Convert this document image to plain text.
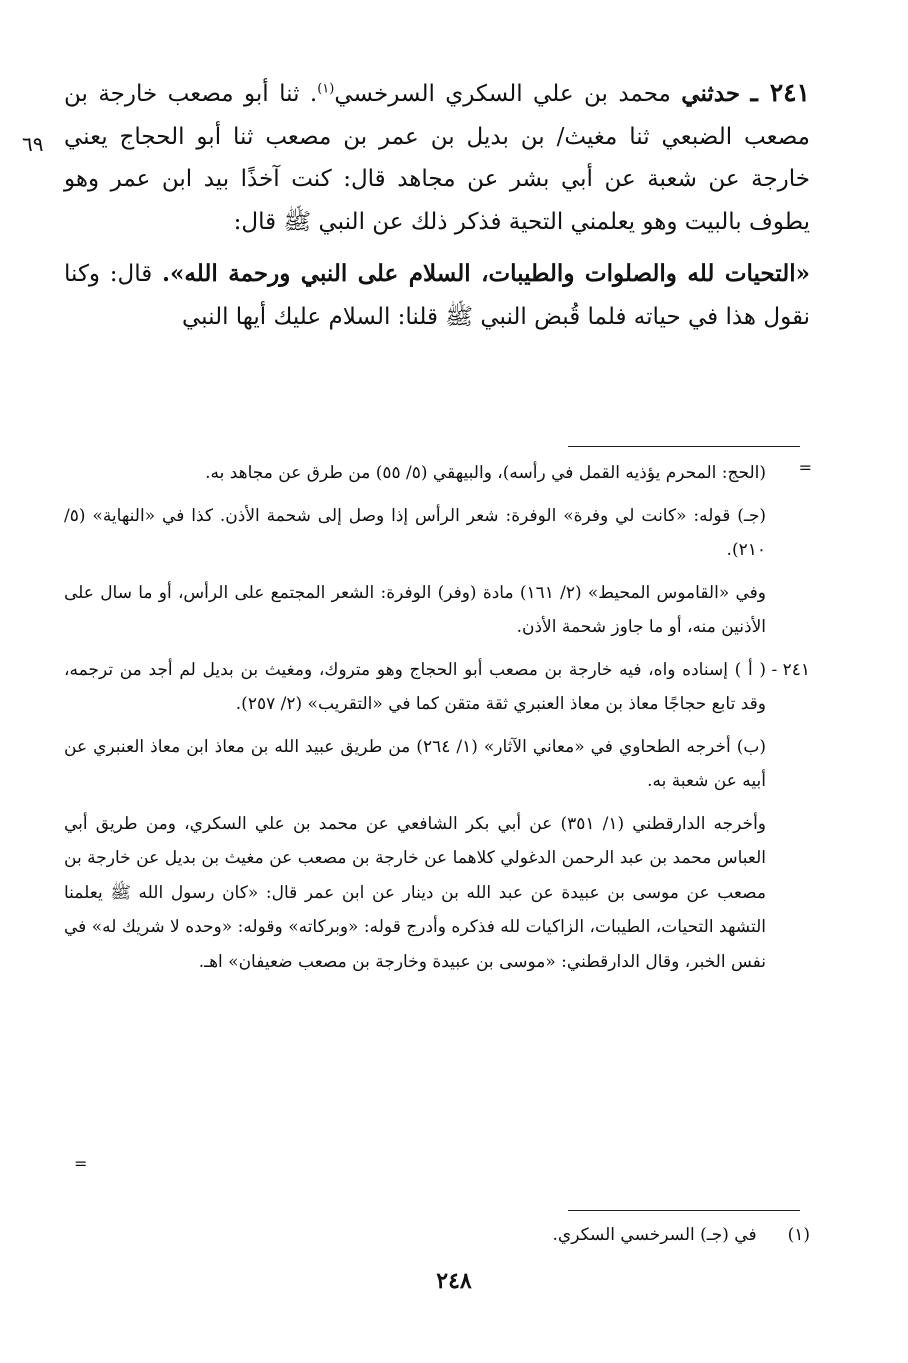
٦٩

٢٤١ ـ حدثني محمد بن علي السكري السرخسي$^{(١)}$. ثنا أبو مصعب خارجة بن مصعب الضبعي ثنا مغيث/ بن بديل بن عمر بن مصعب ثنا أبو الحجاج يعني خارجة عن شعبة عن أبي بشر عن مجاهد قال: كنت آخذًا بيد ابن عمر وهو يطوف بالبيت وهو يعلمني التحية فذكر ذلك عن النبي ﷺ قال:

«التحيات لله والصلوات والطيبات، السلام على النبي ورحمة الله». قال: وكنا نقول هذا في حياته فلما قُبض النبي ﷺ قلنا: السلام عليك أيها النبي

=

(الحج: المحرم يؤذيه القمل في رأسه)، والبيهقي (٥/ ٥٥) من طرق عن مجاهد به.

(جـ) قوله: «كانت لي وفرة» الوفرة: شعر الرأس إذا وصل إلى شحمة الأذن. كذا في «النهاية» (٥/ ٢١٠).

وفي «القاموس المحيط» (٢/ ١٦١) مادة (وفر) الوفرة: الشعر المجتمع على الرأس، أو ما سال على الأذنين منه، أو ما جاوز شحمة الأذن.

٢٤١ -
( أ ) إسناده واه، فيه خارجة بن مصعب أبو الحجاج وهو متروك، ومغيث بن بديل لم أجد من ترجمه، وقد تابع حجاجًا معاذ بن معاذ العنبري ثقة متقن كما في «التقريب» (٢/ ٢٥٧).

(ب) أخرجه الطحاوي في «معاني الآثار» (١/ ٢٦٤) من طريق عبيد الله بن معاذ ابن معاذ العنبري عن أبيه عن شعبة به.

وأخرجه الدارقطني (١/ ٣٥١) عن أبي بكر الشافعي عن محمد بن علي السكري، ومن طريق أبي العباس محمد بن عبد الرحمن الدغولي كلاهما عن خارجة بن مصعب عن مغيث بن بديل عن خارجة بن مصعب عن موسى بن عبيدة عن عبد الله بن دينار عن ابن عمر قال: «كان رسول الله ﷺ يعلمنا التشهد التحيات، الطيبات، الزاكيات لله فذكره وأدرج قوله: «وبركاته» وقوله: «وحده لا شريك له» في نفس الخبر، وقال الدارقطني: «موسى بن عبيدة وخارجة بن مصعب ضعيفان» اهـ.

=
(١) في (جـ) السرخسي السكري.
٢٤٨
